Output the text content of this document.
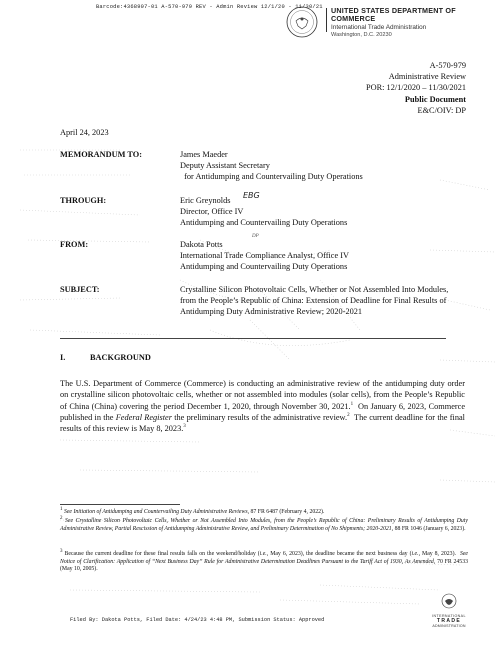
Barcode:4368907-01 A-570-979 REV - Admin Review 12/1/20 - 11/30/21 UNITED STATES DEPARTMENT OF COMMERCE
International Trade Administration
Washington, D.C. 20230
A-570-979
Administrative Review
POR: 12/1/2020 – 11/30/2021
Public Document
E&C/OIV: DP
April 24, 2023
MEMORANDUM TO:	James Maeder
Deputy Assistant Secretary
for Antidumping and Countervailing Duty Operations
THROUGH:	Eric Greynolds
Director, Office IV
Antidumping and Countervailing Duty Operations
EBG
FROM:	Dakota Potts
International Trade Compliance Analyst, Office IV
Antidumping and Countervailing Duty Operations
DP
SUBJECT:	Crystalline Silicon Photovoltaic Cells, Whether or Not Assembled Into Modules, from the People’s Republic of China: Extension of Deadline for Final Results of Antidumping Duty Administrative Review; 2020-2021
I.	BACKGROUND
The U.S. Department of Commerce (Commerce) is conducting an administrative review of the antidumping duty order on crystalline silicon photovoltaic cells, whether or not assembled into modules (solar cells), from the People’s Republic of China (China) covering the period December 1, 2020, through November 30, 2021.$^1$  On January 6, 2023, Commerce published in the Federal Register the preliminary results of the administrative review.$^2$  The current deadline for the final results of this review is May 8, 2023.$^3$
$^1$ See Initiation of Antidumping and Countervailing Duty Administrative Reviews, 87 FR 6487 (February 4, 2022).
$^2$ See Crystalline Silicon Photovoltaic Cells, Whether or Not Assembled Into Modules, from the People’s Republic of China: Preliminary Results of Antidumping Duty Administrative Review, Partial Rescission of Antidumping Administrative Review, and Preliminary Determination of No Shipments; 2020-2021, 88 FR 1046 (January 6, 2023).
$^3$ Because the current deadline for these final results falls on the weekend/holiday (i.e., May 6, 2023), the deadline became the next business day (i.e., May 8, 2023).  See Notice of Clarification: Application of “Next Business Day” Rule for Administrative Determination Deadlines Pursuant to the Tariff Act of 1930, As Amended, 70 FR 24533 (May 10, 2005).
Filed By: Dakota Potts, Filed Date: 4/24/23 4:48 PM, Submission Status: Approved
INTERNATIONAL
TRADE
ADMINISTRATION
